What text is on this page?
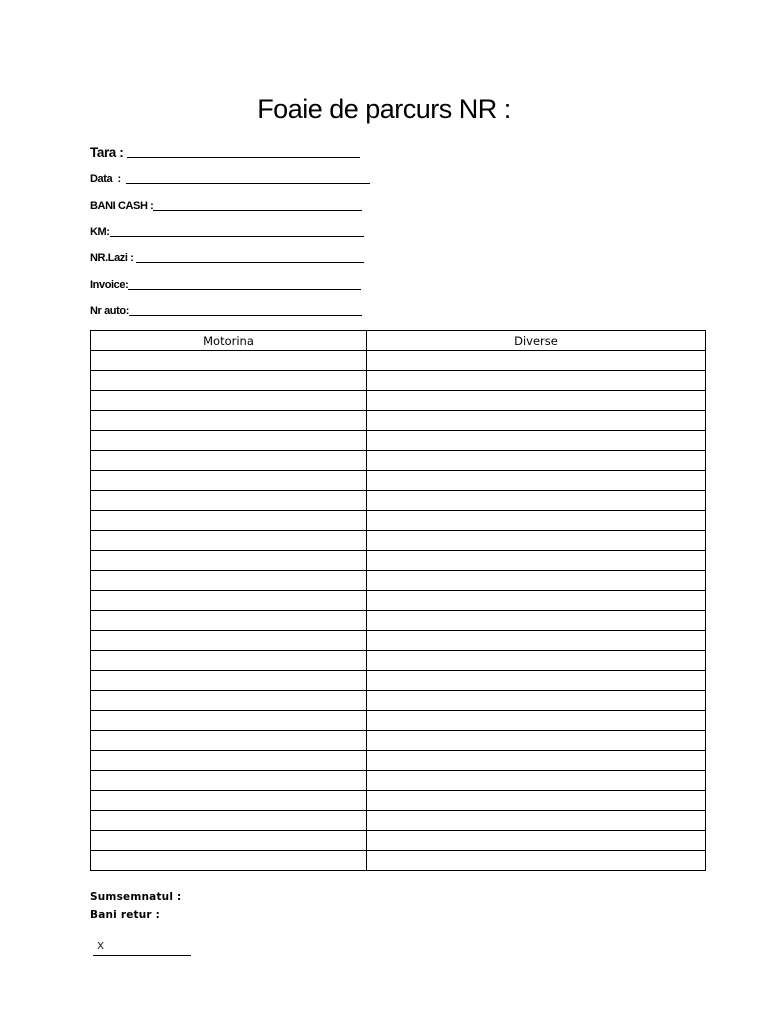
Foaie de parcurs NR :
Tara :
Data  :
BANI CASH :
KM:
NR.Lazi :
Invoice:
Nr auto:
Motorina	Diverse

Sumsemnatul :
Bani retur :
x
